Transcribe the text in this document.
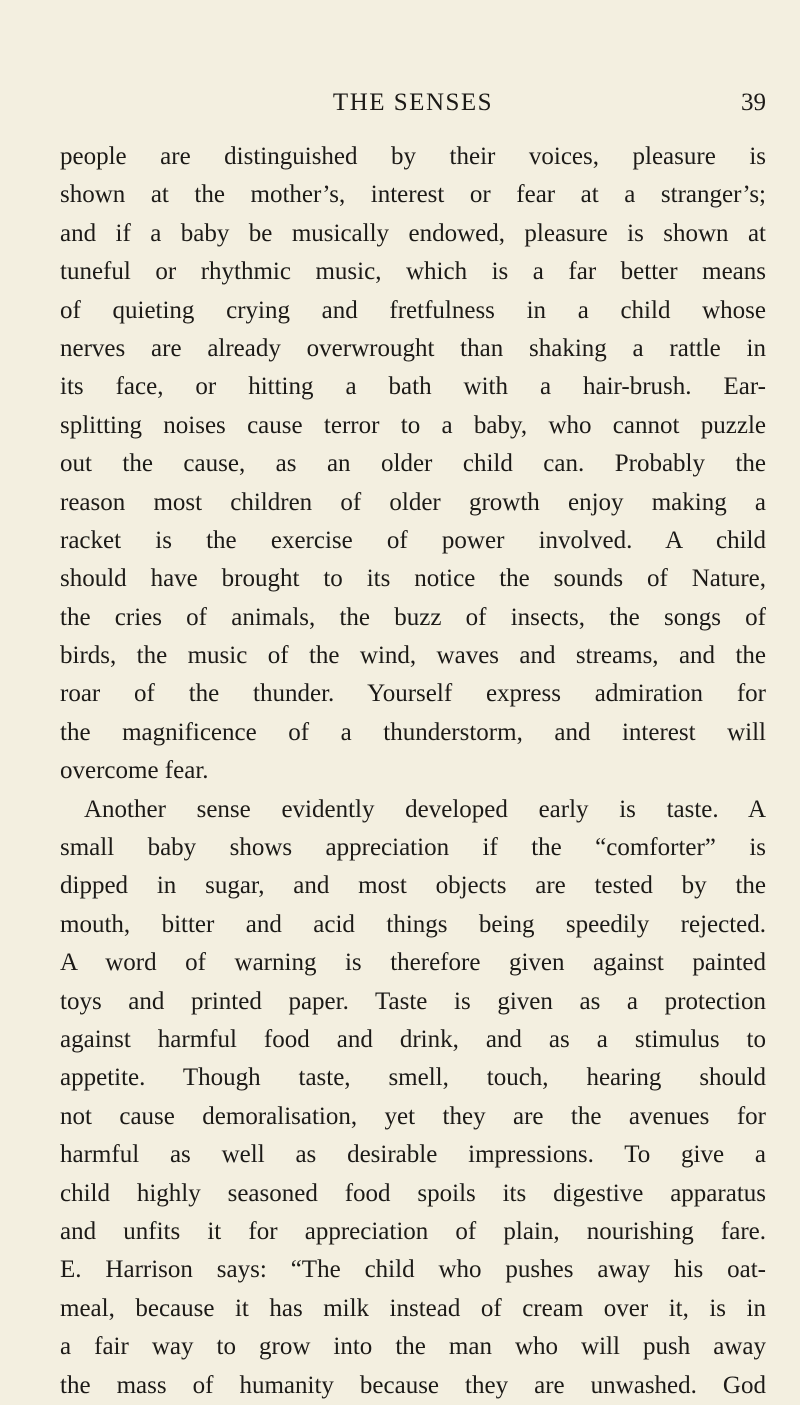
THE SENSES	39
people are distinguished by their voices, pleasure is
shown at the mother’s, interest or fear at a stranger’s;
and if a baby be musically endowed, pleasure is shown at
tuneful or rhythmic music, which is a far better means
of quieting crying and fretfulness in a child whose
nerves are already overwrought than shaking a rattle in
its face, or hitting a bath with a hair-brush. Ear-
splitting noises cause terror to a baby, who cannot puzzle
out the cause, as an older child can. Probably the
reason most children of older growth enjoy making a
racket is the exercise of power involved. A child
should have brought to its notice the sounds of Nature,
the cries of animals, the buzz of insects, the songs of
birds, the music of the wind, waves and streams, and the
roar of the thunder. Yourself express admiration for
the magnificence of a thunderstorm, and interest will
overcome fear.
Another sense evidently developed early is taste. A
small baby shows appreciation if the “comforter” is
dipped in sugar, and most objects are tested by the
mouth, bitter and acid things being speedily rejected.
A word of warning is therefore given against painted
toys and printed paper. Taste is given as a protection
against harmful food and drink, and as a stimulus to
appetite. Though taste, smell, touch, hearing should
not cause demoralisation, yet they are the avenues for
harmful as well as desirable impressions. To give a
child highly seasoned food spoils its digestive apparatus
and unfits it for appreciation of plain, nourishing fare.
E. Harrison says: “The child who pushes away his oat-
meal, because it has milk instead of cream over it, is in
a fair way to grow into the man who will push away
the mass of humanity because they are unwashed. God
